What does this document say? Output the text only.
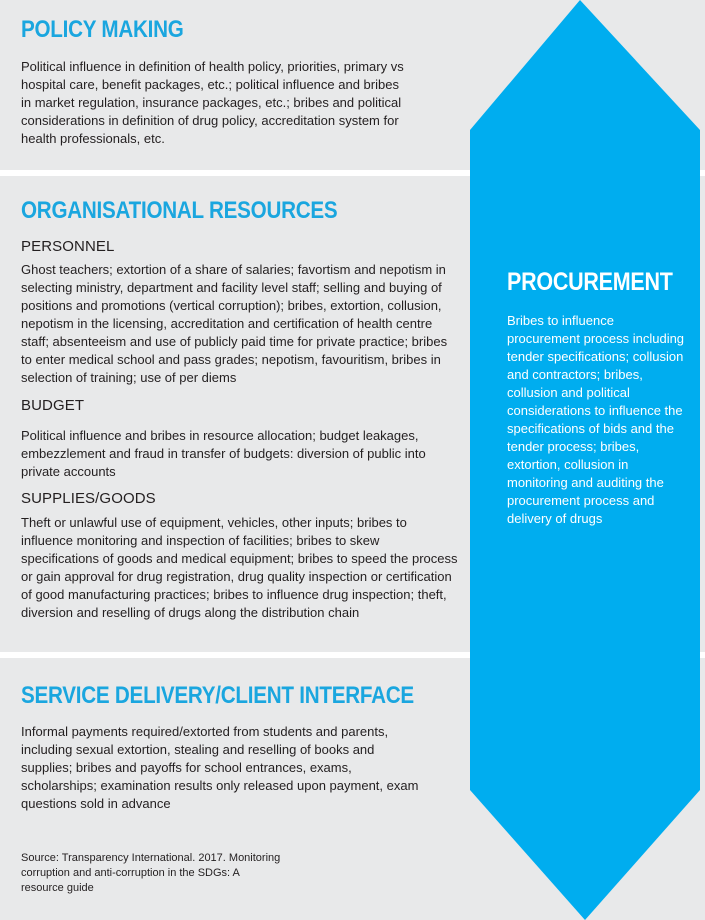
POLICY MAKING

Political influence in definition of health policy, priorities, primary vs hospital care, benefit packages, etc.; political influence and bribes in market regulation, insurance packages, etc.; bribes and political considerations in definition of drug policy, accreditation system for health professionals, etc.

ORGANISATIONAL RESOURCES

PERSONNEL

Ghost teachers; extortion of a share of salaries; favortism and nepotism in selecting ministry, department and facility level staff; selling and buying of positions and promotions (vertical corruption); bribes, extortion, collusion, nepotism in the licensing, accreditation and certification of health centre staff; absenteeism and use of publicly paid time for private practice; bribes to enter medical school and pass grades; nepotism, favouritism, bribes in selection of training; use of per diems

BUDGET

Political influence and bribes in resource allocation; budget leakages, embezzlement and fraud in transfer of budgets: diversion of public into private accounts

SUPPLIES/GOODS

Theft or unlawful use of equipment, vehicles, other inputs; bribes to influence monitoring and inspection of facilities; bribes to skew specifications of goods and medical equipment; bribes to speed the process or gain approval for drug registration, drug quality inspection or certification of good manufacturing practices; bribes to influence drug inspection; theft, diversion and reselling of drugs along the distribution chain

SERVICE DELIVERY/CLIENT INTERFACE

Informal payments required/extorted from students and parents, including sexual extortion, stealing and reselling of books and supplies; bribes and payoffs for school entrances, exams, scholarships; examination results only released upon payment, exam questions sold in advance

PROCUREMENT

Bribes to influence procurement process including tender specifications; collusion and contractors; bribes, collusion and political considerations to influence the specifications of bids and the tender process; bribes, extortion, collusion in monitoring and auditing the procurement process and delivery of drugs

Source: Transparency International. 2017. Monitoring corruption and anti-corruption in the SDGs: A resource guide
